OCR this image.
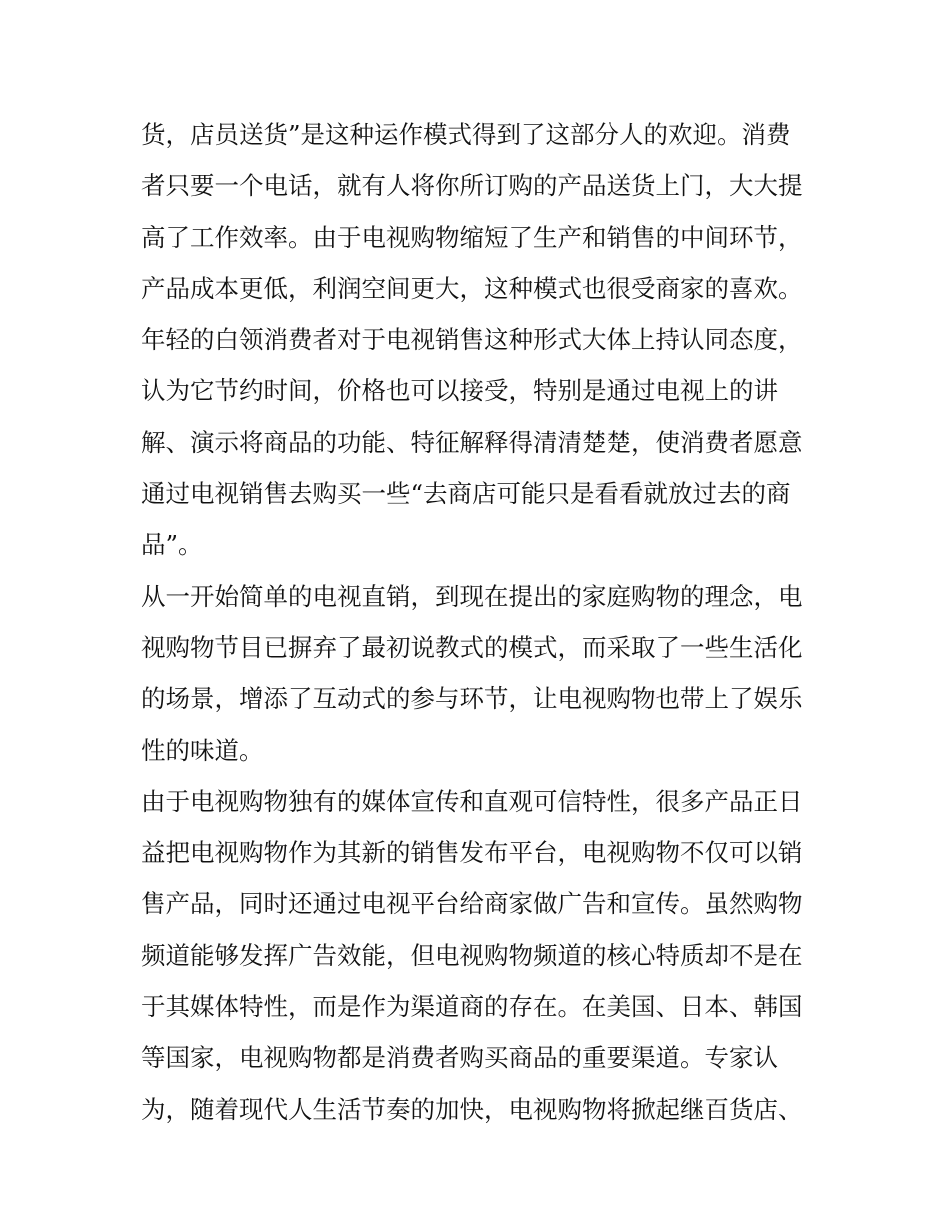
货，店员送货”是这种运作模式得到了这部分人的欢迎。消费
者只要一个电话，就有人将你所订购的产品送货上门，大大提
高了工作效率。由于电视购物缩短了生产和销售的中间环节，
产品成本更低，利润空间更大，这种模式也很受商家的喜欢。
年轻的白领消费者对于电视销售这种形式大体上持认同态度，
认为它节约时间，价格也可以接受，特别是通过电视上的讲
解、演示将商品的功能、特征解释得清清楚楚，使消费者愿意
通过电视销售去购买一些“去商店可能只是看看就放过去的商
品”。
从一开始简单的电视直销，到现在提出的家庭购物的理念，电
视购物节目已摒弃了最初说教式的模式，而采取了一些生活化
的场景，增添了互动式的参与环节，让电视购物也带上了娱乐
性的味道。
由于电视购物独有的媒体宣传和直观可信特性，很多产品正日
益把电视购物作为其新的销售发布平台，电视购物不仅可以销
售产品，同时还通过电视平台给商家做广告和宣传。虽然购物
频道能够发挥广告效能，但电视购物频道的核心特质却不是在
于其媒体特性，而是作为渠道商的存在。在美国、日本、韩国
等国家，电视购物都是消费者购买商品的重要渠道。专家认
为，随着现代人生活节奏的加快，电视购物将掀起继百货店、
